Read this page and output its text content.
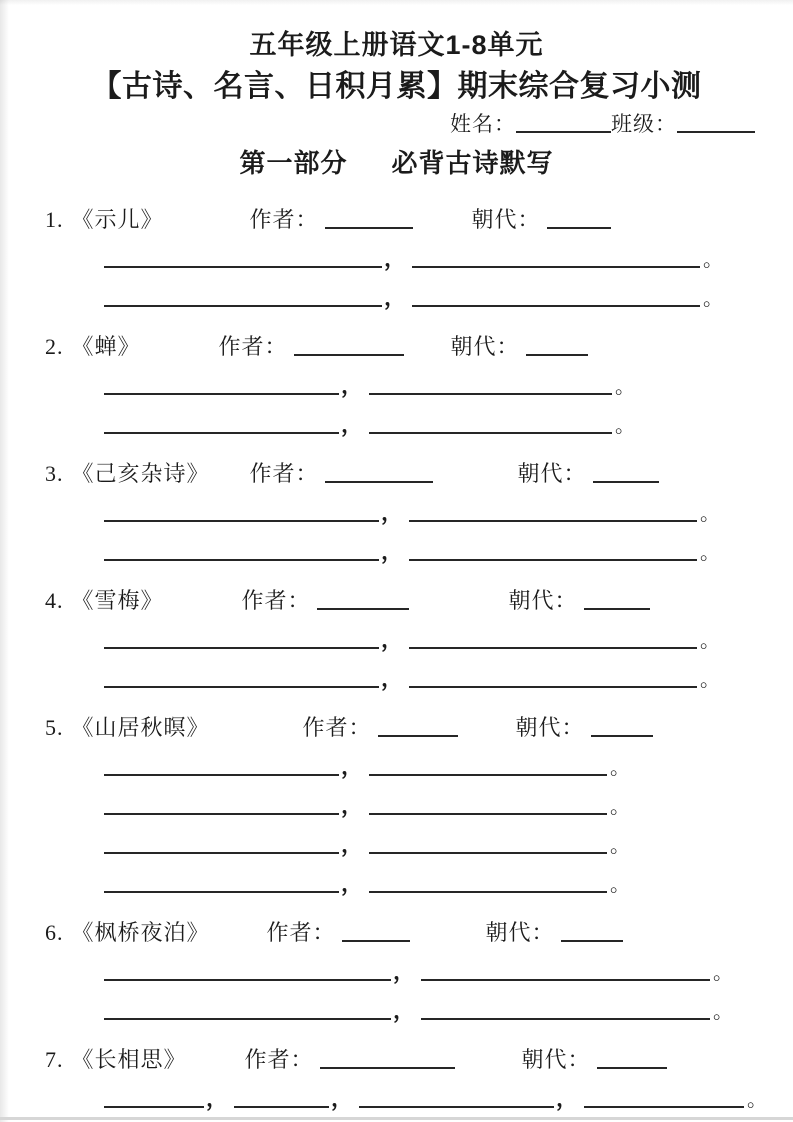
五年级上册语文1-8单元
【古诗、名言、日积月累】期末综合复习小测
姓名：	班级：
第一部分 必背古诗默写
1. 《示儿》	作者：	朝代：
，	。
，	。
2. 《蝉》	作者：	朝代：
，	。
，	。
3. 《己亥杂诗》 作者：	朝代：
，	。
，	。
4. 《雪梅》	作者：	朝代：
，	。
，	。
5. 《山居秋暝》	作者：	朝代：
，	。
，	。
，	。
，	。
6. 《枫桥夜泊》	作者：	朝代：
，	。
，	。
7. 《长相思》	作者：	朝代：
，	，	，	。
